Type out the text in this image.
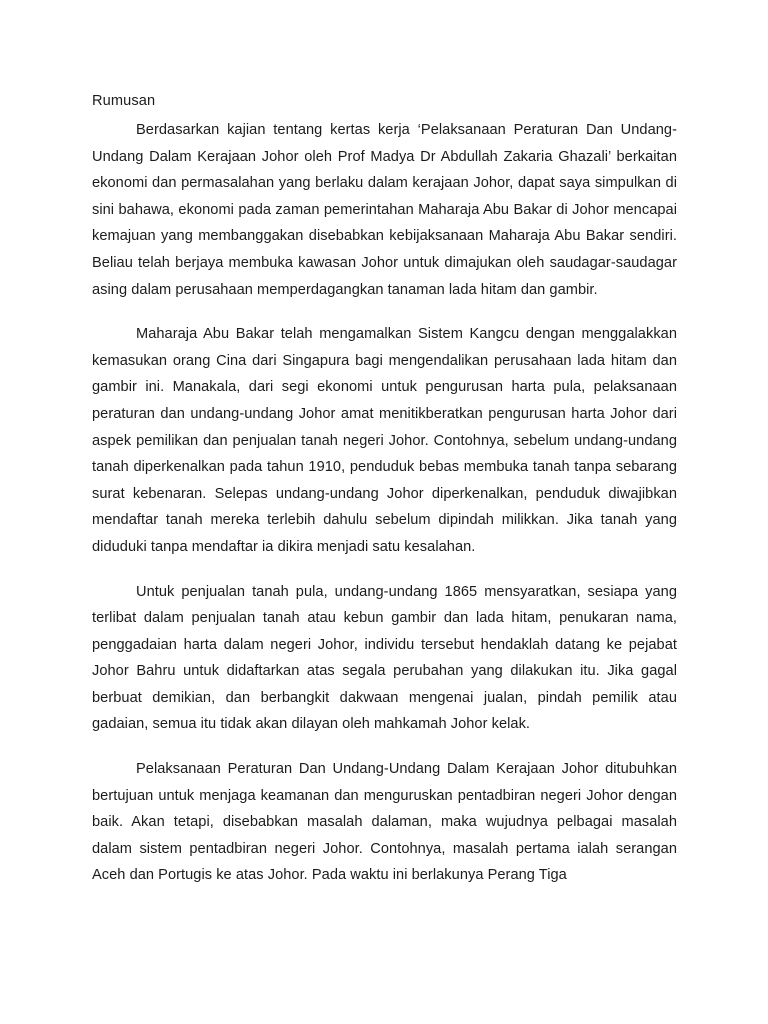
Rumusan

Berdasarkan kajian tentang kertas kerja ‘Pelaksanaan Peraturan Dan Undang-Undang Dalam Kerajaan Johor oleh Prof Madya Dr Abdullah Zakaria Ghazali’ berkaitan ekonomi dan permasalahan yang berlaku dalam kerajaan Johor, dapat saya simpulkan di sini bahawa, ekonomi pada zaman pemerintahan Maharaja Abu Bakar di Johor mencapai kemajuan yang membanggakan disebabkan kebijaksanaan Maharaja Abu Bakar sendiri. Beliau telah berjaya membuka kawasan Johor untuk dimajukan oleh saudagar-saudagar asing dalam perusahaan memperdagangkan tanaman lada hitam dan gambir.

Maharaja Abu Bakar telah mengamalkan Sistem Kangcu dengan menggalakkan kemasukan orang Cina dari Singapura bagi mengendalikan perusahaan lada hitam dan gambir ini. Manakala, dari segi ekonomi untuk pengurusan harta pula, pelaksanaan peraturan dan undang-undang Johor amat menitikberatkan pengurusan harta Johor dari aspek pemilikan dan penjualan tanah negeri Johor. Contohnya, sebelum undang-undang tanah diperkenalkan pada tahun 1910, penduduk bebas membuka tanah tanpa sebarang surat kebenaran. Selepas undang-undang Johor diperkenalkan, penduduk diwajibkan mendaftar tanah mereka terlebih dahulu sebelum dipindah milikkan. Jika tanah yang diduduki tanpa mendaftar ia dikira menjadi satu kesalahan.

Untuk penjualan tanah pula, undang-undang 1865 mensyaratkan, sesiapa yang terlibat dalam penjualan tanah atau kebun gambir dan lada hitam, penukaran nama, penggadaian harta dalam negeri Johor, individu tersebut hendaklah datang ke pejabat Johor Bahru untuk didaftarkan atas segala perubahan yang dilakukan itu. Jika gagal berbuat demikian, dan berbangkit dakwaan mengenai jualan, pindah pemilik atau gadaian, semua itu tidak akan dilayan oleh mahkamah Johor kelak.

Pelaksanaan Peraturan Dan Undang-Undang Dalam Kerajaan Johor ditubuhkan bertujuan untuk menjaga keamanan dan menguruskan pentadbiran negeri Johor dengan baik. Akan tetapi, disebabkan masalah dalaman, maka wujudnya pelbagai masalah dalam sistem pentadbiran negeri Johor. Contohnya, masalah pertama ialah serangan Aceh dan Portugis ke atas Johor. Pada waktu ini berlakunya Perang Tiga
